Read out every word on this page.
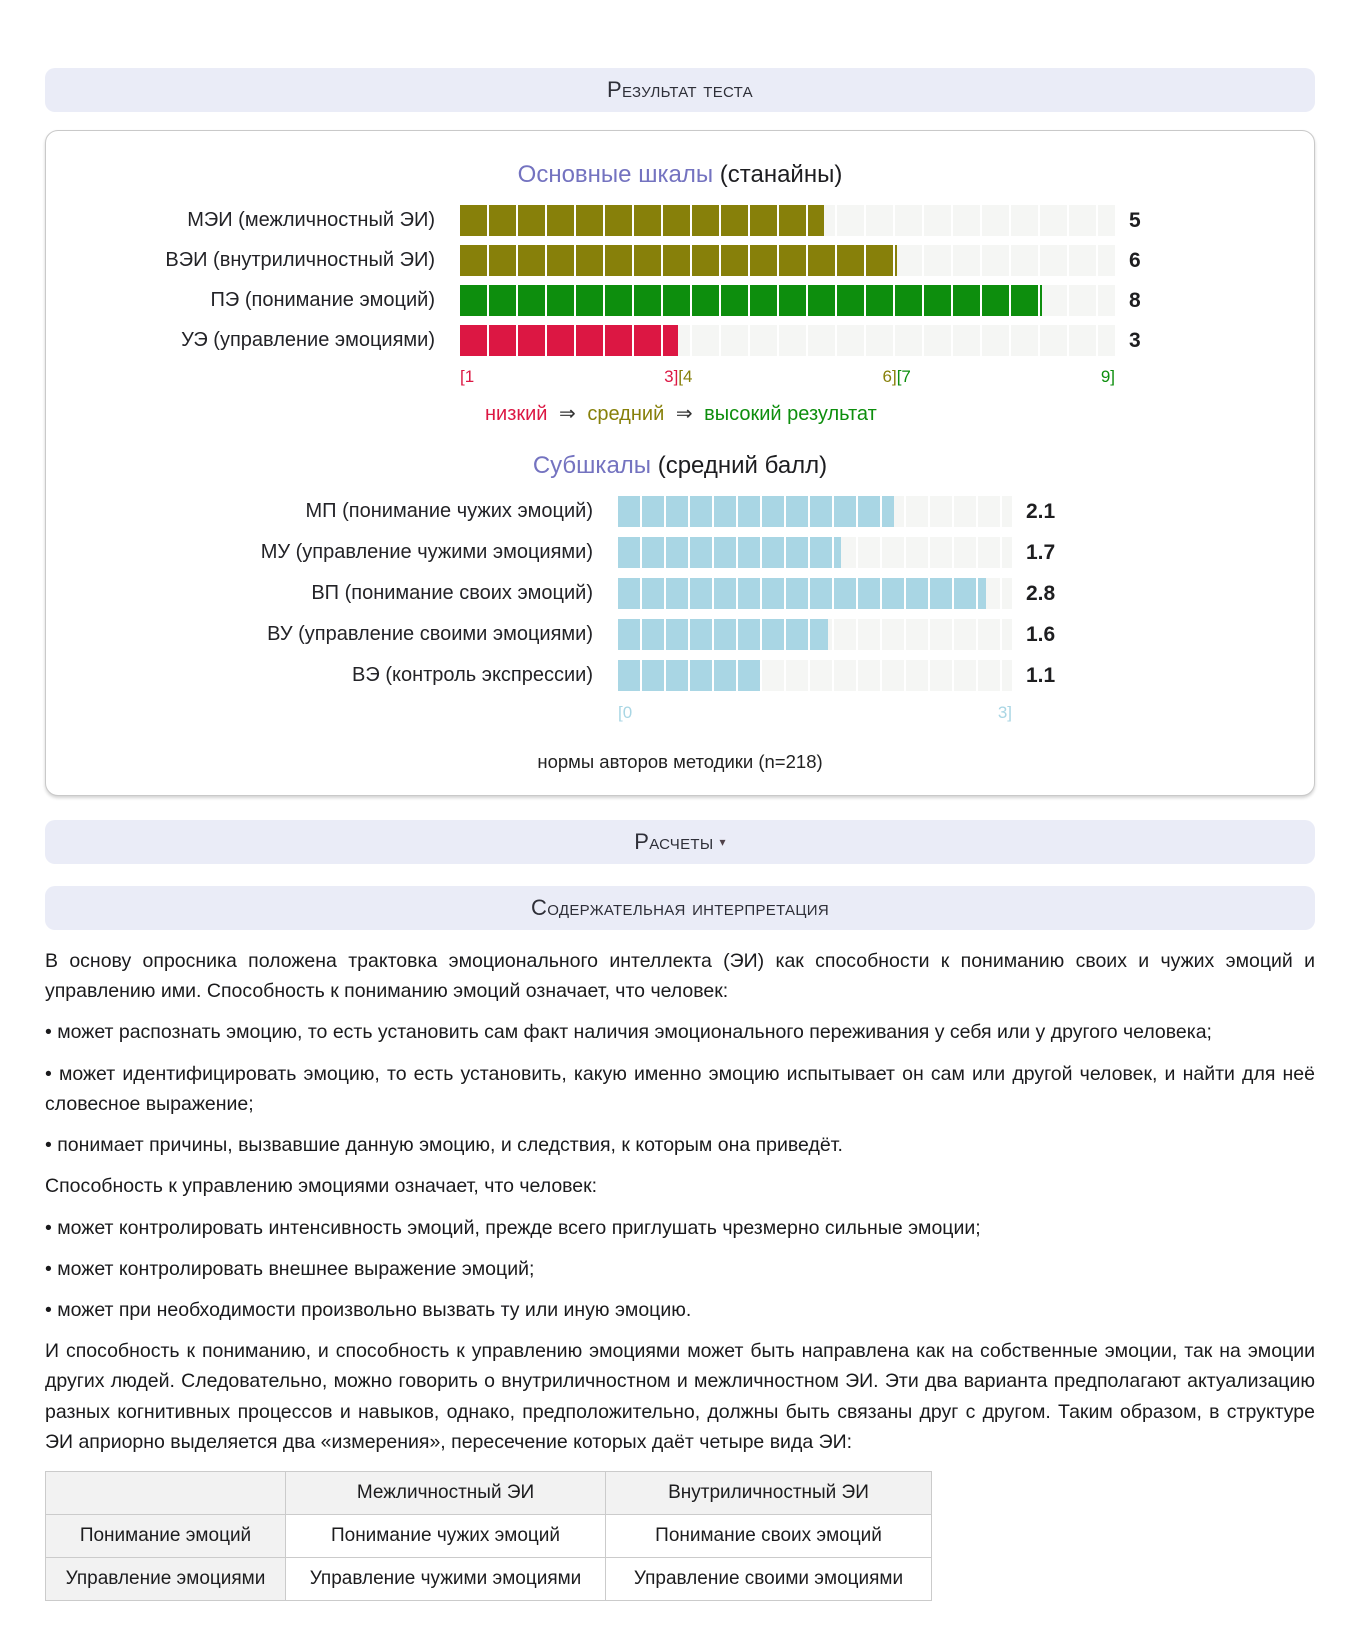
Результат теста
Основные шкалы (станайны)
МЭИ (межличностный ЭИ)	5
ВЭИ (внутриличностный ЭИ)	6
ПЭ (понимание эмоций)	8
УЭ (управление эмоциями)	3
[1	3][4	6][7	9]
низкий ⇒ средний ⇒ высокий результат
Субшкалы (средний балл)
МП (понимание чужих эмоций)	2.1
МУ (управление чужими эмоциями)	1.7
ВП (понимание своих эмоций)	2.8
ВУ (управление своими эмоциями)	1.6
ВЭ (контроль экспрессии)	1.1
[0	3]
нормы авторов методики (n=218)
Расчеты ▾
Содержательная интерпретация

В основу опросника положена трактовка эмоционального интеллекта (ЭИ) как способности к пониманию своих и чужих эмоций и управлению ими. Способность к пониманию эмоций означает, что человек:

• может распознать эмоцию, то есть установить сам факт наличия эмоционального переживания у себя или у другого человека;

• может идентифицировать эмоцию, то есть установить, какую именно эмоцию испытывает он сам или другой человек, и найти для неё словесное выражение;

• понимает причины, вызвавшие данную эмоцию, и следствия, к которым она приведёт.

Способность к управлению эмоциями означает, что человек:

• может контролировать интенсивность эмоций, прежде всего приглушать чрезмерно сильные эмоции;

• может контролировать внешнее выражение эмоций;

• может при необходимости произвольно вызвать ту или иную эмоцию.

И способность к пониманию, и способность к управлению эмоциями может быть направлена как на собственные эмоции, так на эмоции других людей. Следовательно, можно говорить о внутриличностном и межличностном ЭИ. Эти два варианта предполагают актуализацию разных когнитивных процессов и навыков, однако, предположительно, должны быть связаны друг с другом. Таким образом, в структуре ЭИ априорно выделяется два «измерения», пересечение которых даёт четыре вида ЭИ:

	Межличностный ЭИ	Внутриличностный ЭИ
Понимание эмоций	Понимание чужих эмоций	Понимание своих эмоций
Управление эмоциями	Управление чужими эмоциями	Управление своими эмоциями
